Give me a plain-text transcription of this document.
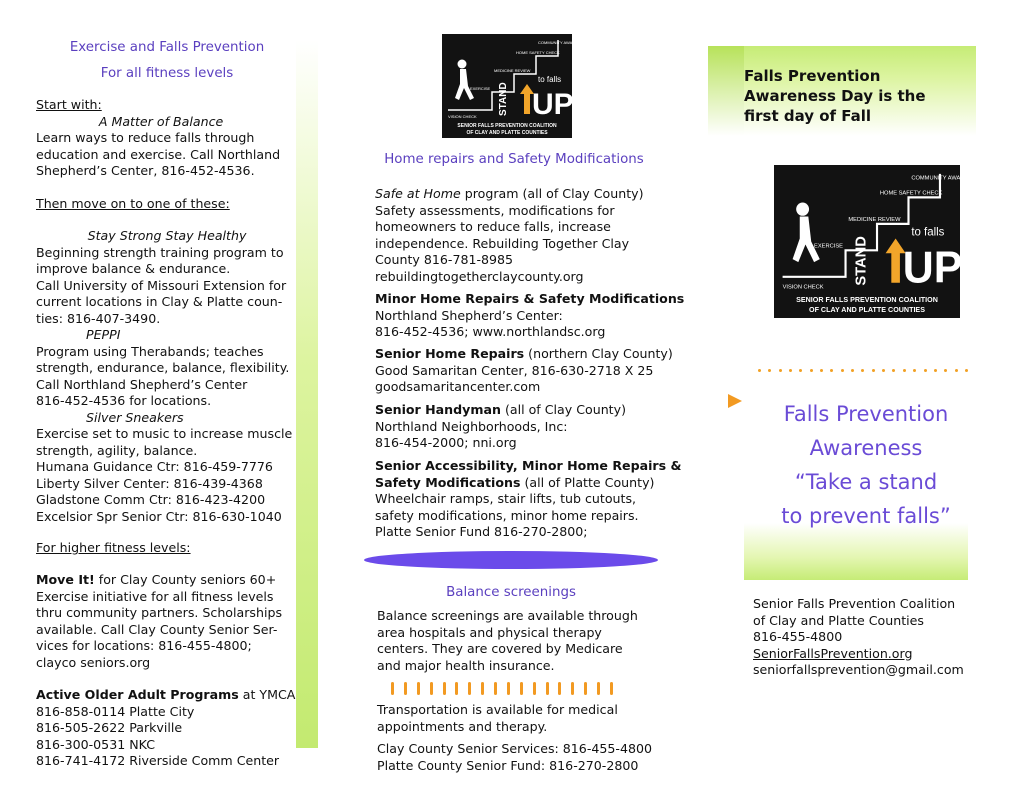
Exercise and Falls Prevention
For all fitness levels

Start with:

A Matter of Balance

Learn ways to reduce falls through

education and exercise. Call Northland

Shepherd’s Center, 816-452-4536.

Then move on to one of these:

Stay Strong Stay Healthy

Beginning strength training program to

improve balance & endurance.

Call University of Missouri Extension for

current locations in Clay & Platte coun-

ties: 816-407-3490.

PEPPI

Program using Therabands; teaches

strength, endurance, balance, flexibility.

Call Northland Shepherd’s Center

816-452-4536 for locations.

Silver Sneakers

Exercise set to music to increase muscle

strength, agility, balance.

Humana Guidance Ctr: 816-459-7776

Liberty Silver Center: 816-439-4368

Gladstone Comm Ctr: 816-423-4200

Excelsior Spr Senior Ctr: 816-630-1040

For higher fitness levels:

Move It! for Clay County seniors 60+

Exercise initiative for all fitness levels

thru community partners. Scholarships

available. Call Clay County Senior Ser-

vices for locations: 816-455-4800;

clayco seniors.org

Active Older Adult Programs at YMCA

816-858-0114 Platte City

816-505-2622 Parkville

816-300-0531 NKC

816-741-4172 Riverside Comm Center

STAND UP
to falls
VISION CHECK
EXERCISE
MEDICINE REVIEW
HOME SAFETY CHECK
COMMUNITY AWARENESS
SENIOR FALLS PREVENTION COALITION
OF CLAY AND PLATTE COUNTIES
Home repairs and Safety Modifications

Safe at Home program (all of Clay County)

Safety assessments, modifications for

homeowners to reduce falls, increase

independence. Rebuilding Together Clay

County 816-781-8985

rebuildingtogetherclaycounty.org

Minor Home Repairs & Safety Modifications

Northland Shepherd’s Center:

816-452-4536; www.northlandsc.org

Senior Home Repairs (northern Clay County)

Good Samaritan Center, 816-630-2718 X 25

goodsamaritancenter.com

Senior Handyman (all of Clay County)

Northland Neighborhoods, Inc:

816-454-2000; nni.org

Senior Accessibility, Minor Home Repairs &

Safety Modifications (all of Platte County)

Wheelchair ramps, stair lifts, tub cutouts,

safety modifications, minor home repairs.

Platte Senior Fund 816-270-2800;

Balance screenings

Balance screenings are available through

area hospitals and physical therapy

centers. They are covered by Medicare

and major health insurance.

Transportation is available for medical

appointments and therapy.

Clay County Senior Services: 816-455-4800

Platte County Senior Fund: 816-270-2800

Falls Prevention

Awareness Day is the

first day of Fall

STAND UP
to falls
VISION CHECK
EXERCISE
MEDICINE REVIEW
HOME SAFETY CHECK
COMMUNITY AWARENESS
SENIOR FALLS PREVENTION COALITION
OF CLAY AND PLATTE COUNTIES

Falls Prevention

Awareness

“Take a stand

to prevent falls”

Senior Falls Prevention Coalition

of Clay and Platte Counties

816-455-4800

SeniorFallsPrevention.org

seniorfallsprevention@gmail.com
